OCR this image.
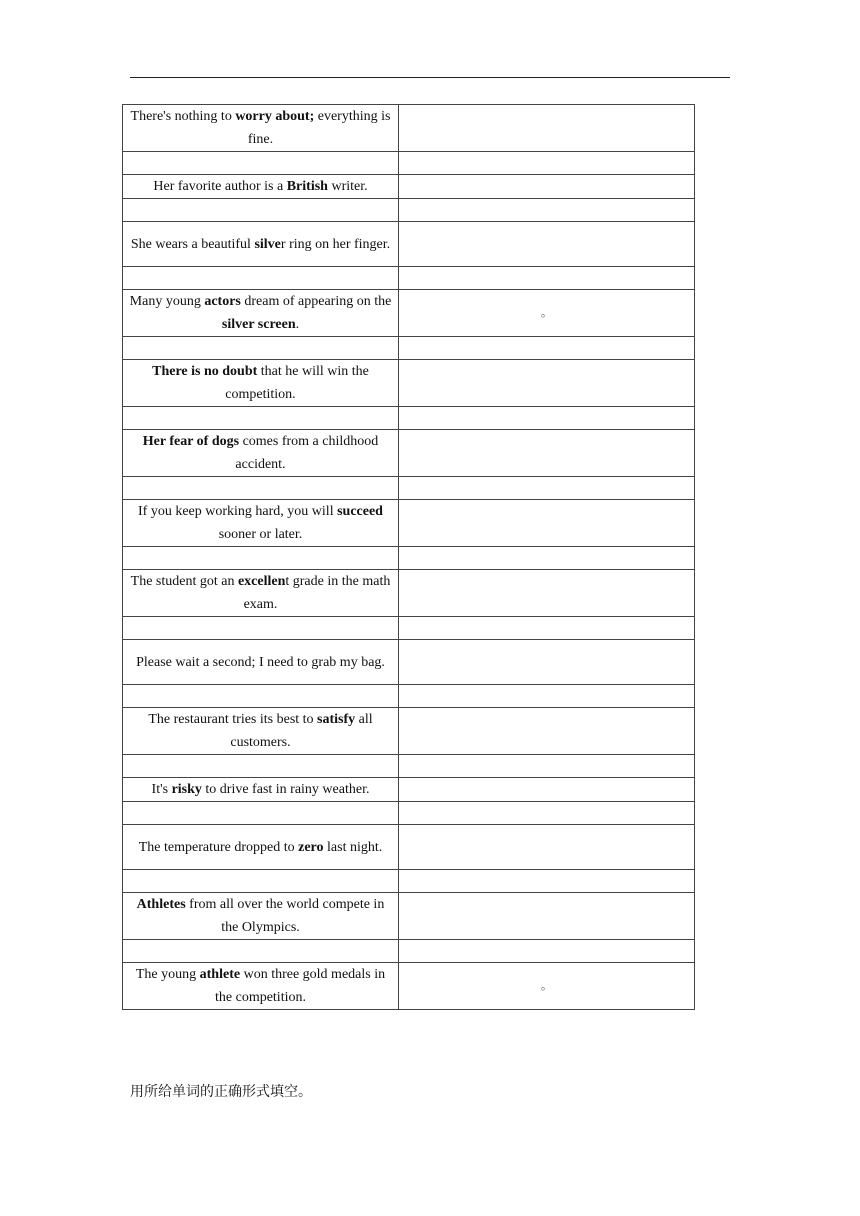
There's nothing to worry about; everything is fine.	

Her favorite author is a British writer.	

She wears a beautiful silver ring on her finger.	

Many young actors dream of appearing on the silver screen.	。

There is no doubt that he will win the competition.	

Her fear of dogs comes from a childhood accident.	

If you keep working hard, you will succeed sooner or later.	

The student got an excellent grade in the math exam.	

Please wait a second; I need to grab my bag.	

The restaurant tries its best to satisfy all customers.	

It's risky to drive fast in rainy weather.	

The temperature dropped to zero last night.	

Athletes from all over the world compete in the Olympics.	

The young athlete won three gold medals in the competition.	。
用所给单词的正确形式填空。
